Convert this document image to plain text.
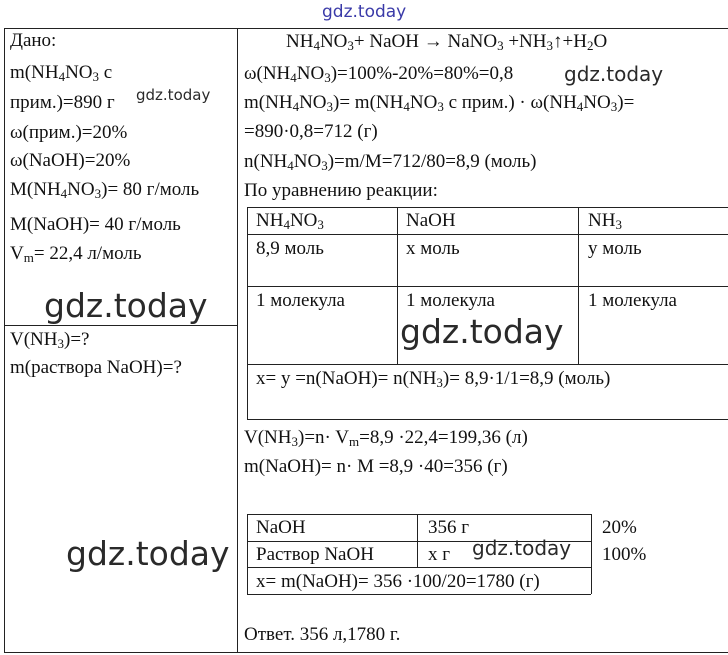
gdz.today
Дано:
$m(NH_4NO_3$ с
прим.)=890 г gdz.today
ω(прим.)=20%
ω(NaOH)=20%
$M(NH_4NO_3)= 80$ г/моль
M(NaOH)= 40 г/моль
$V_m= 22,4$ л/моль
gdz.today
$V(NH_3)=$?
m(раствора NaOH)=?
gdz.today
$NH_4NO_3+$ NaOH → NaNO$_3$ $+NH_3↑+H_2O$
$\omega(NH_4NO_3)=100\%-20\%=80\%=0,8$	gdz.today
$m(NH_4NO_3)= m(NH_4NO_3$ с прим.) · $\omega(NH_4NO_3)=$
=890·0,8=712 (г)
$n(NH_4NO_3)=m/M=712/80=8,9$ (моль)
По уравнению реакции:
$NH_4NO_3$	NaOH	$NH_3$
8,9 моль	х моль	у моль
1 молекула	1 молекула	1 молекула
gdz.today
х= у =n(NaOH)= $n(NH_3)= 8,9\cdot 1/1=8,9$ (моль)
$V(NH_3)=n\cdot V_m=8,9 \cdot 22,4=199,36$ (л)
m(NaOH)= n· M =8,9 ·40=356 (г)
NaOH	356 г	20%
Раствор NaOH	х г	100%
gdz.today
х= m(NaOH)= 356 ·100/20=1780 (г)
Ответ. 356 л,1780 г.
